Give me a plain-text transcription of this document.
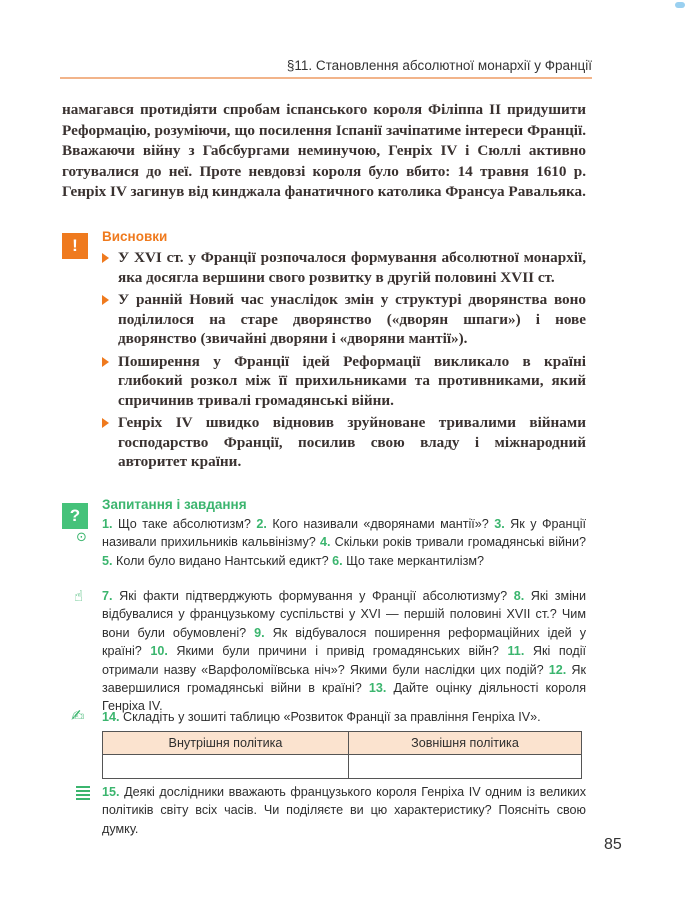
§11. Становлення абсолютної монархії у Франції
намагався протидіяти спробам іспанського короля Філіппа II придушити Реформацію, розуміючи, що посилення Іспанії зачіпатиме інтереси Франції. Вважаючи війну з Габсбургами неминучою, Генріх IV і Сюллі активно готувалися до неї. Проте невдовзі короля було вбито: 14 травня 1610 р. Генріх IV загинув від кинджала фанатичного католика Франсуа Равальяка.
!	Висновки
У XVI ст. у Франції розпочалося формування абсолютної монархії, яка досягла вершини свого розвитку в другій половині XVII ст.
У ранній Новий час унаслідок змін у структурі дворянства воно поділилося на старе дворянство («дворян шпаги») і нове дворянство (звичайні дворяни і «дворяни мантії»).
Поширення у Франції ідей Реформації викликало в країні глибокий розкол між її прихильниками та противниками, який спричинив тривалі громадянські війни.
Генріх IV швидко відновив зруйноване тривалими війнами господарство Франції, посилив свою владу і міжнародний авторитет країни.
?
Запитання і завдання
⊙
1. Що таке абсолютизм? 2. Кого називали «дворянами мантії»? 3. Як у Франції називали прихильників кальвінізму? 4. Скільки років тривали громадянські війни? 5. Коли було видано Нантський едикт? 6. Що таке меркантилізм?
☝ 7. Які факти підтверджують формування у Франції абсолютизму? 8. Які зміни відбувалися у французькому суспільстві у XVI — першій половині XVII ст.? Чим вони були обумовлені? 9. Як відбувалося поширення реформаційних ідей у країні? 10. Якими були причини і привід громадянських війн? 11. Які події отримали назву «Варфоломіївська ніч»? Якими були наслідки цих подій? 12. Як завершилися громадянські війни в країні? 13. Дайте оцінку діяльності короля Генріха IV.
✍ 14. Складіть у зошиті таблицю «Розвиток Франції за правління Генріха IV».
Внутрішня політика	Зовнішня політика

15. Деякі дослідники вважають французького короля Генріха IV одним із великих політиків світу всіх часів. Чи поділяєте ви цю характеристику? Поясніть свою думку.
85
